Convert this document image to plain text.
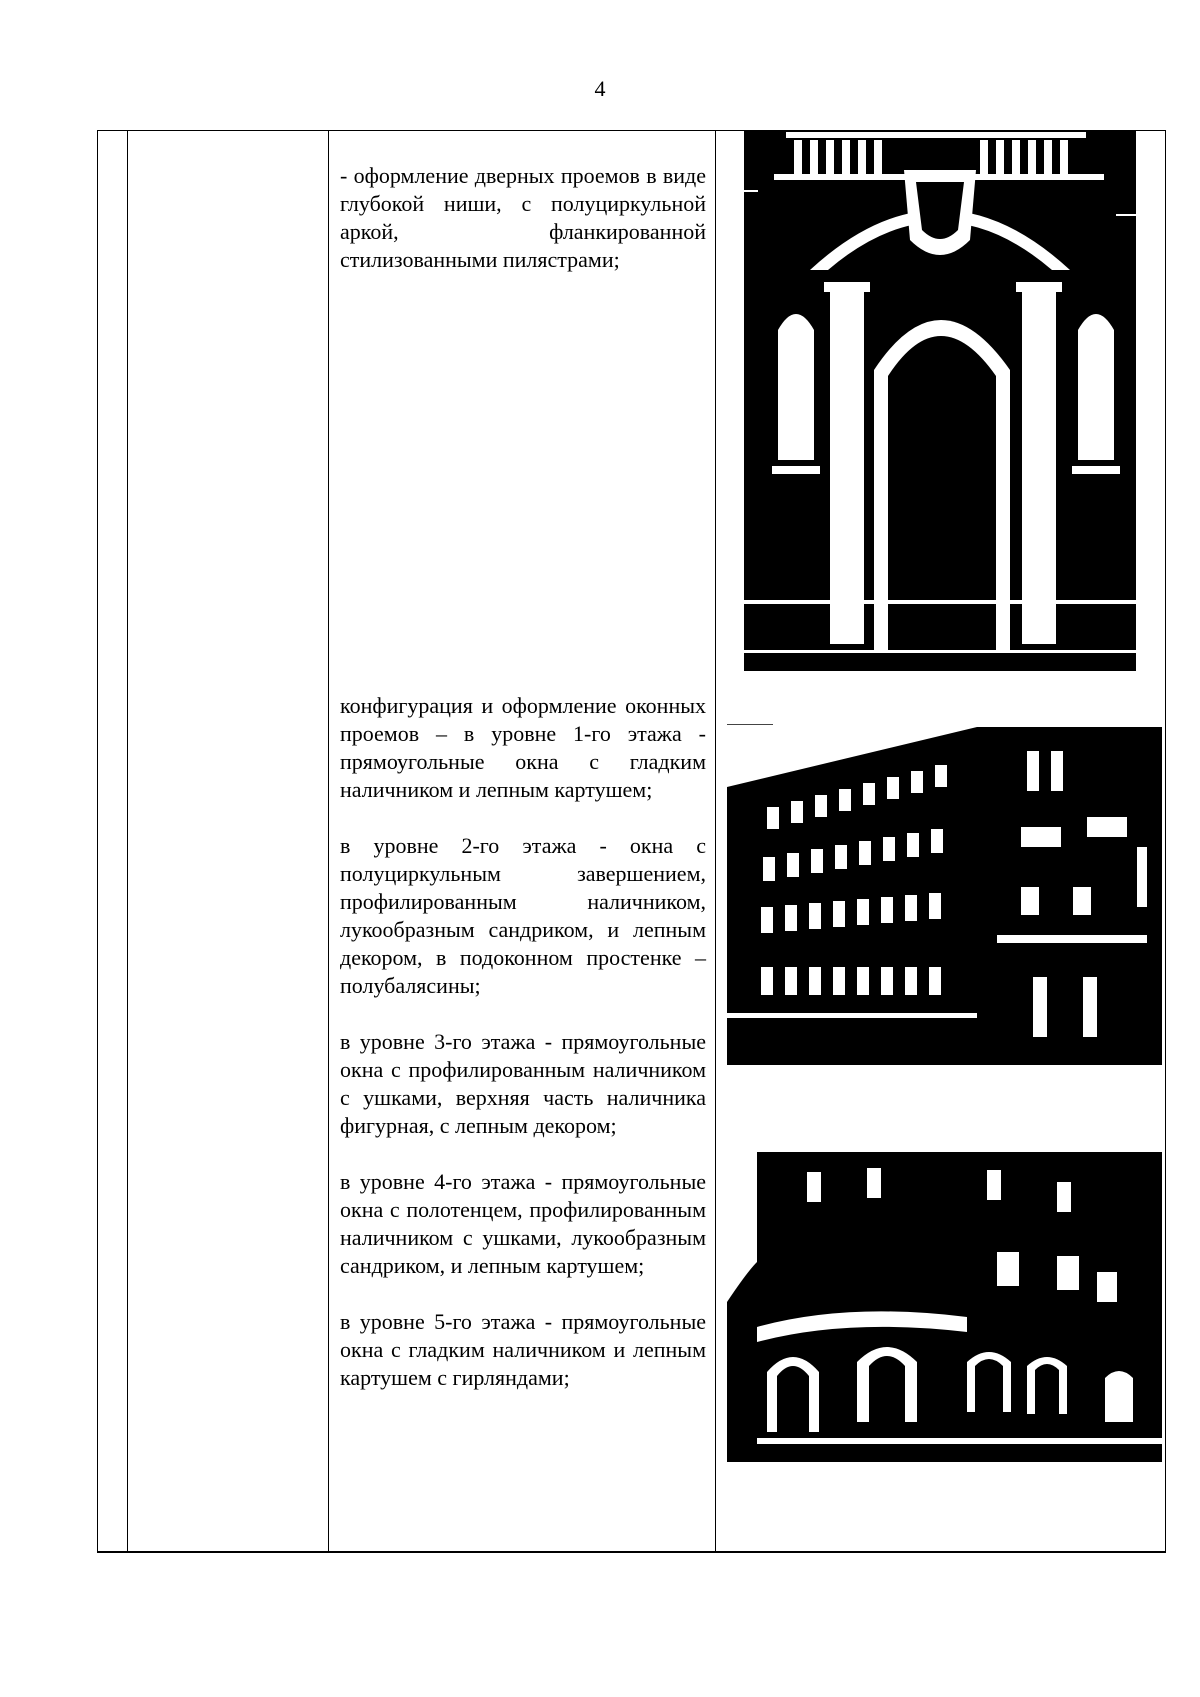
4

- оформление дверных проемов в виде глубокой ниши, с полуциркульной аркой, фланкированной стилизованными пилястрами;

конфигурация и оформление оконных проемов – в уровне 1-го этажа - прямоугольные окна с гладким наличником и лепным картушем;

в уровне 2-го этажа - окна с полуциркульным завершением, профилированным наличником, лукообразным сандриком, и лепным декором, в подоконном простенке – полубалясины;

в уровне 3-го этажа - прямоугольные окна с профилированным наличником с ушками, верхняя часть наличника фигурная, с лепным декором;

в уровне 4-го этажа - прямоугольные окна с полотенцем, профилированным наличником с ушками, лукообразным сандриком, и лепным картушем;

в уровне 5-го этажа - прямоугольные окна с гладким наличником и лепным картушем с гирляндами;
